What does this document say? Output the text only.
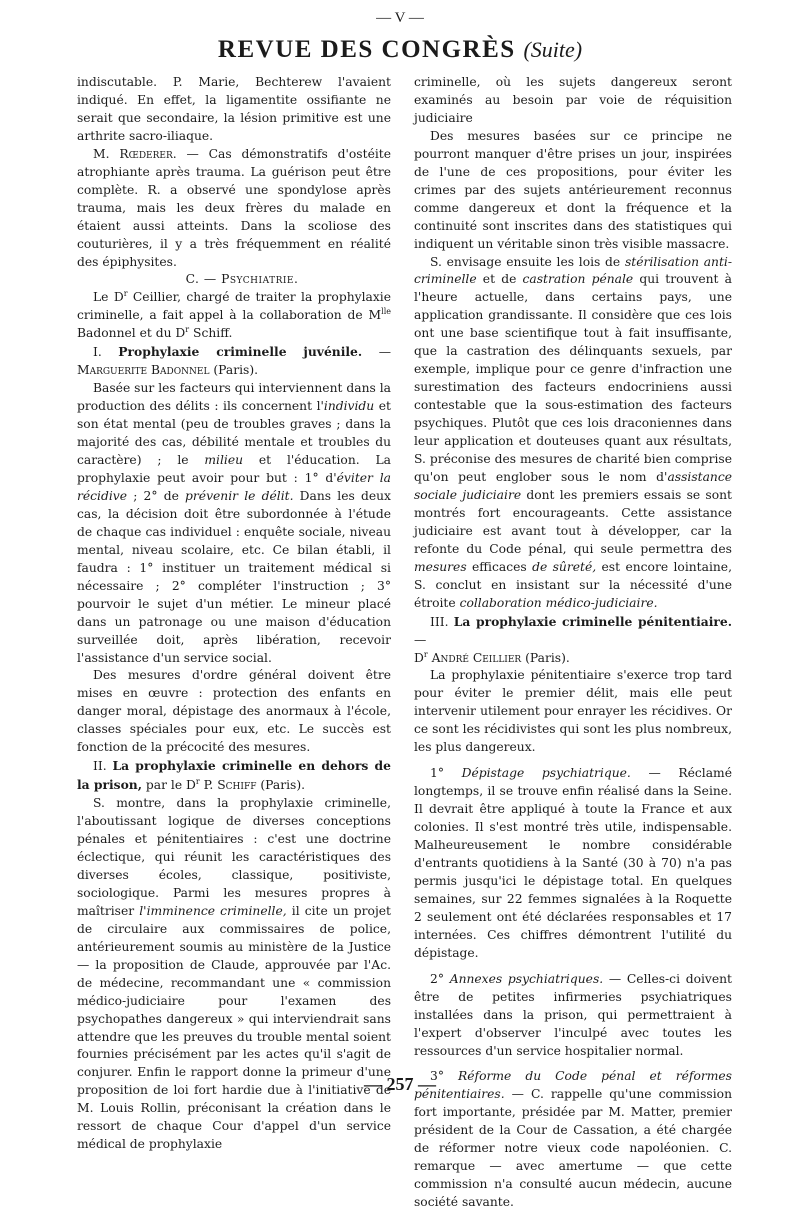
— V —
REVUE DES CONGRÈS (Suite)

indiscutable. P. Marie, Bechterew l'avaient indiqué. En effet, la ligamentite ossifiante ne serait que secondaire, la lésion primitive est une arthrite sacro-iliaque.

M. Rœderer. — Cas démonstratifs d'ostéite atrophiante après trauma. La guérison peut être complète. R. a observé une spondylose après trauma, mais les deux frères du malade en étaient aussi atteints. Dans la scoliose des couturières, il y a très fréquemment en réalité des épiphysites.

C. — Psychiatrie.

Le $D^r$ Ceillier, chargé de traiter la prophylaxie criminelle, a fait appel à la collaboration de $M^{lle}$ Badonnel et du $D^r$ Schiff.

I. Prophylaxie criminelle juvénile. — Marguerite Badonnel (Paris).

Basée sur les facteurs qui interviennent dans la production des délits : ils concernent l'individu et son état mental (peu de troubles graves ; dans la majorité des cas, débilité mentale et troubles du caractère) ; le milieu et l'éducation. La prophylaxie peut avoir pour but : 1° d'éviter la récidive ; 2° de prévenir le délit. Dans les deux cas, la décision doit être subordonnée à l'étude de chaque cas individuel : enquête sociale, niveau mental, niveau scolaire, etc. Ce bilan établi, il faudra : 1° instituer un traitement médical si nécessaire ; 2° compléter l'instruction ; 3° pourvoir le sujet d'un métier. Le mineur placé dans un patronage ou une maison d'éducation surveillée doit, après libération, recevoir l'assistance d'un service social.

Des mesures d'ordre général doivent être mises en œuvre : protection des enfants en danger moral, dépistage des anormaux à l'école, classes spéciales pour eux, etc. Le succès est fonction de la précocité des mesures.

II. La prophylaxie criminelle en dehors de la prison, par le $D^r$ P. Schiff (Paris).

S. montre, dans la prophylaxie criminelle, l'aboutissant logique de diverses conceptions pénales et pénitentiaires : c'est une doctrine éclectique, qui réunit les caractéristiques des diverses écoles, classique, positiviste, sociologique. Parmi les mesures propres à maîtriser l'imminence criminelle, il cite un projet de circulaire aux commissaires de police, antérieurement soumis au ministère de la Justice — la proposition de Claude, approuvée par l'Ac. de médecine, recommandant une « commission médico-judiciaire pour l'examen des psychopathes dangereux » qui interviendrait sans attendre que les preuves du trouble mental soient fournies précisément par les actes qu'il s'agit de conjurer. Enfin le rapport donne la primeur d'une proposition de loi fort hardie due à l'initiative de M. Louis Rollin, préconisant la création dans le ressort de chaque Cour d'appel d'un service médical de prophylaxie

criminelle, où les sujets dangereux seront examinés au besoin par voie de réquisition judiciaire

Des mesures basées sur ce principe ne pourront manquer d'être prises un jour, inspirées de l'une de ces propositions, pour éviter les crimes par des sujets antérieurement reconnus comme dangereux et dont la fréquence et la continuité sont inscrites dans des statistiques qui indiquent un véritable sinon très visible massacre.

S. envisage ensuite les lois de stérilisation anti-criminelle et de castration pénale qui trouvent à l'heure actuelle, dans certains pays, une application grandissante. Il considère que ces lois ont une base scientifique tout à fait insuffisante, que la castration des délinquants sexuels, par exemple, implique pour ce genre d'infraction une surestimation des facteurs endocriniens aussi contestable que la sous-estimation des facteurs psychiques. Plutôt que ces lois draconiennes dans leur application et douteuses quant aux résultats, S. préconise des mesures de charité bien comprise qu'on peut englober sous le nom d'assistance sociale judiciaire dont les premiers essais se sont montrés fort encourageants. Cette assistance judiciaire est avant tout à développer, car la refonte du Code pénal, qui seule permettra des mesures efficaces de sûreté, est encore lointaine, S. conclut en insistant sur la nécessité d'une étroite collaboration médico-judiciaire.

III. La prophylaxie criminelle pénitentiaire. —
$D^r$ André Ceillier (Paris).

La prophylaxie pénitentiaire s'exerce trop tard pour éviter le premier délit, mais elle peut intervenir utilement pour enrayer les récidives. Or ce sont les récidivistes qui sont les plus nombreux, les plus dangereux.

1° Dépistage psychiatrique. — Réclamé longtemps, il se trouve enfin réalisé dans la Seine. Il devrait être appliqué à toute la France et aux colonies. Il s'est montré très utile, indispensable. Malheureusement le nombre considérable d'entrants quotidiens à la Santé (30 à 70) n'a pas permis jusqu'ici le dépistage total. En quelques semaines, sur 22 femmes signalées à la Roquette 2 seulement ont été déclarées responsables et 17 internées. Ces chiffres démontrent l'utilité du dépistage.

2° Annexes psychiatriques. — Celles-ci doivent être de petites infirmeries psychiatriques installées dans la prison, qui permettraient à l'expert d'observer l'inculpé avec toutes les ressources d'un service hospitalier normal.

3° Réforme du Code pénal et réformes pénitentiaires. — C. rappelle qu'une commission fort importante, présidée par M. Matter, premier président de la Cour de Cassation, a été chargée de réformer notre vieux code napoléonien. C. remarque — avec amertume — que cette commission n'a consulté aucun médecin, aucune société savante.

— 257 —
